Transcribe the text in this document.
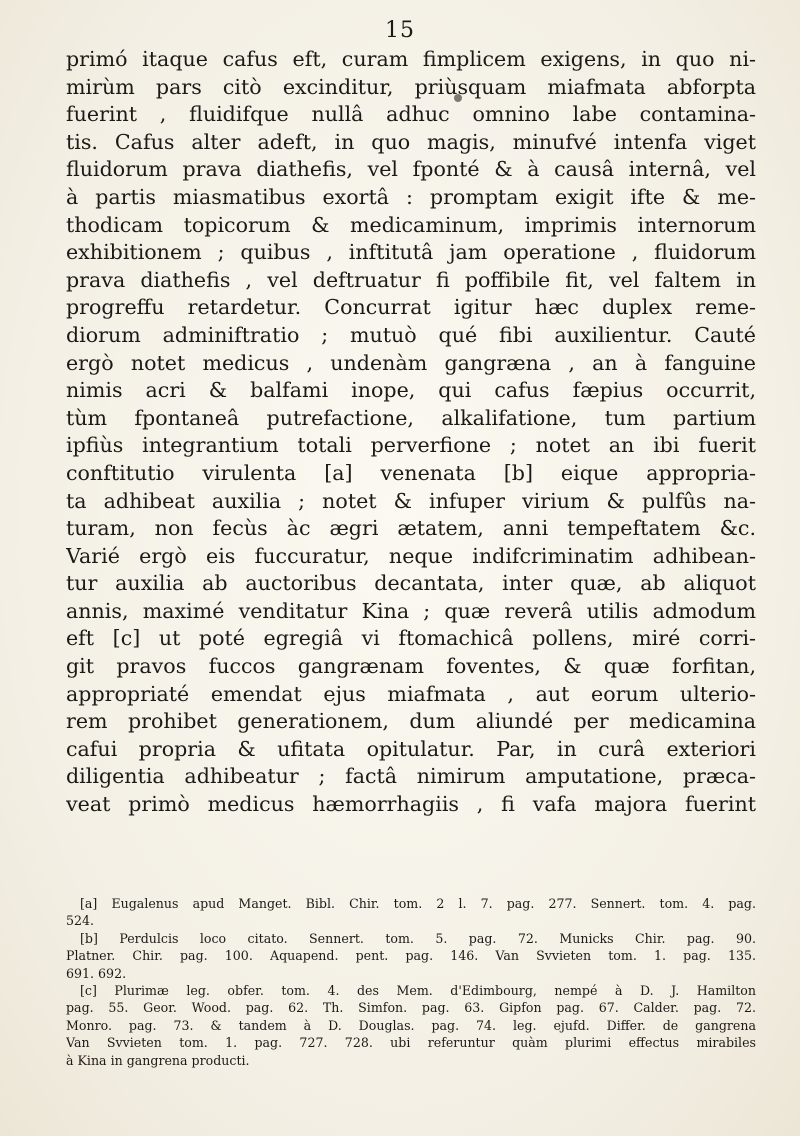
15
primó itaque cafus eft, curam fimplicem exigens, in quo ni-
mirùm pars citò excinditur, priùsquam miafmata abforpta
fuerint , fluidifque nullâ adhuc omnino labe contamina-
tis. Cafus alter adeft, in quo magis, minufvé intenfa viget
fluidorum prava diathefis, vel fponté & à causâ internâ, vel
à partis miasmatibus exortâ : promptam exigit ifte & me-
thodicam topicorum & medicaminum, imprimis internorum
exhibitionem ; quibus , inftitutâ jam operatione , fluidorum
prava diathefis , vel deftruatur fi poffibile fit, vel faltem in
progreffu retardetur. Concurrat igitur hæc duplex reme-
diorum adminiftratio ; mutuò qué fibi auxilientur. Cauté
ergò notet medicus , undenàm gangræna , an à fanguine
nimis acri & balfami inope, qui cafus fæpius occurrit,
tùm fpontaneâ putrefactione, alkalifatione, tum partium
ipfiùs integrantium totali perverfione ; notet an ibi fuerit
conftitutio virulenta [a] venenata [b] eique appropria-
ta adhibeat auxilia ; notet & infuper virium & pulfûs na-
turam, non fecùs àc ægri ætatem, anni tempeftatem &c.
Varié ergò eis fuccuratur, neque indifcriminatim adhibean-
tur auxilia ab auctoribus decantata, inter quæ, ab aliquot
annis, maximé venditatur Kina ; quæ reverâ utilis admodum
eft [c] ut poté egregiâ vi ftomachicâ pollens, miré corri-
git pravos fuccos gangrænam foventes, & quæ forfitan,
appropriaté emendat ejus miafmata , aut eorum ulterio-
rem prohibet generationem, dum aliundé per medicamina
cafui propria & ufitata opitulatur. Par, in curâ exteriori
diligentia adhibeatur ; factâ nimirum amputatione, præca-
veat primò medicus hæmorrhagiis , fi vafa majora fuerint
[a] Eugalenus apud Manget. Bibl. Chir. tom. 2 l. 7. pag. 277. Sennert. tom. 4. pag.
524.
[b] Perdulcis loco citato. Sennert. tom. 5. pag. 72. Municks Chir. pag. 90.
Platner. Chir. pag. 100. Aquapend. pent. pag. 146. Van Svvieten tom. 1. pag. 135.
691. 692.
[c] Plurimæ leg. obfer. tom. 4. des Mem. d'Edimbourg, nempé à D. J. Hamilton
pag. 55. Geor. Wood. pag. 62. Th. Simfon. pag. 63. Gipfon pag. 67. Calder. pag. 72.
Monro. pag. 73. & tandem à D. Douglas. pag. 74. leg. ejufd. Differ. de gangrena
Van Svvieten tom. 1. pag. 727. 728. ubi referuntur quàm plurimi effectus mirabiles
à Kina in gangrena producti.
